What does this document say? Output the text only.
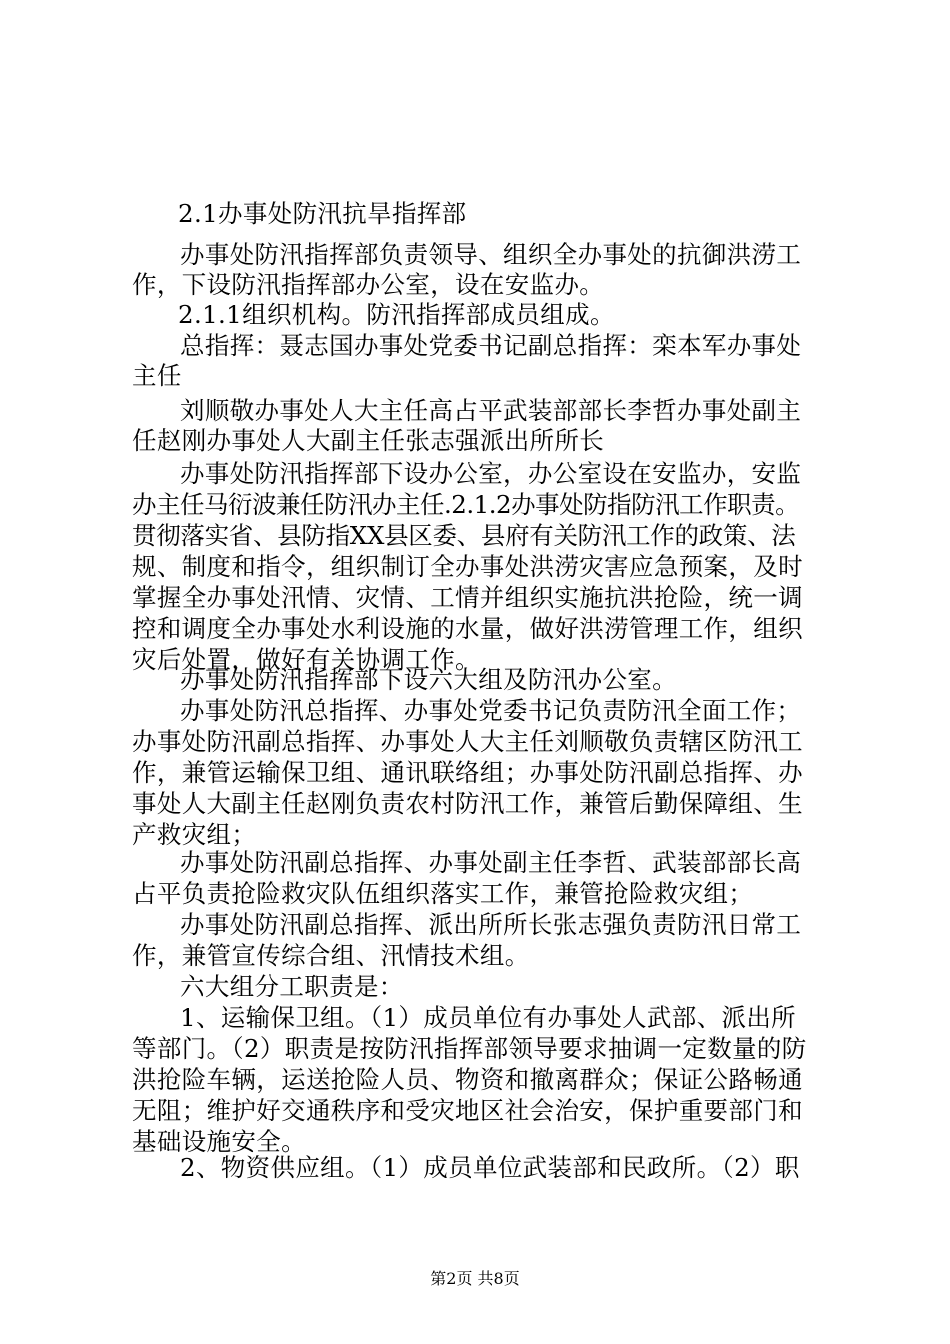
2.1办事处防汛抗旱指挥部

办事处防汛指挥部负责领导、组织全办事处的抗御洪涝工

作，下设防汛指挥部办公室，设在安监办。

2.1.1组织机构。防汛指挥部成员组成。

总指挥：聂志国办事处党委书记副总指挥：栾本军办事处

主任

刘顺敬办事处人大主任高占平武装部部长李哲办事处副主

任赵刚办事处人大副主任张志强派出所所长

办事处防汛指挥部下设办公室，办公室设在安监办，安监

办主任马衍波兼任防汛办主任.2.1.2办事处防指防汛工作职责。

贯彻落实省、县防指XX县区委、县府有关防汛工作的政策、法

规、制度和指令，组织制订全办事处洪涝灾害应急预案，及时

掌握全办事处汛情、灾情、工情并组织实施抗洪抢险，统一调

控和调度全办事处水利设施的水量，做好洪涝管理工作，组织

灾后处置，做好有关协调工作。

办事处防汛指挥部下设六大组及防汛办公室。

办事处防汛总指挥、办事处党委书记负责防汛全面工作；

办事处防汛副总指挥、办事处人大主任刘顺敬负责辖区防汛工

作，兼管运输保卫组、通讯联络组；办事处防汛副总指挥、办

事处人大副主任赵刚负责农村防汛工作，兼管后勤保障组、生

产救灾组；

办事处防汛副总指挥、办事处副主任李哲、武装部部长高

占平负责抢险救灾队伍组织落实工作，兼管抢险救灾组；

办事处防汛副总指挥、派出所所长张志强负责防汛日常工

作，兼管宣传综合组、汛情技术组。

六大组分工职责是：

1、运输保卫组。（1）成员单位有办事处人武部、派出所

等部门。（2）职责是按防汛指挥部领导要求抽调一定数量的防

洪抢险车辆，运送抢险人员、物资和撤离群众；保证公路畅通

无阻；维护好交通秩序和受灾地区社会治安，保护重要部门和

基础设施安全。

2、物资供应组。（1）成员单位武装部和民政所。（2）职

第2页 共8页
